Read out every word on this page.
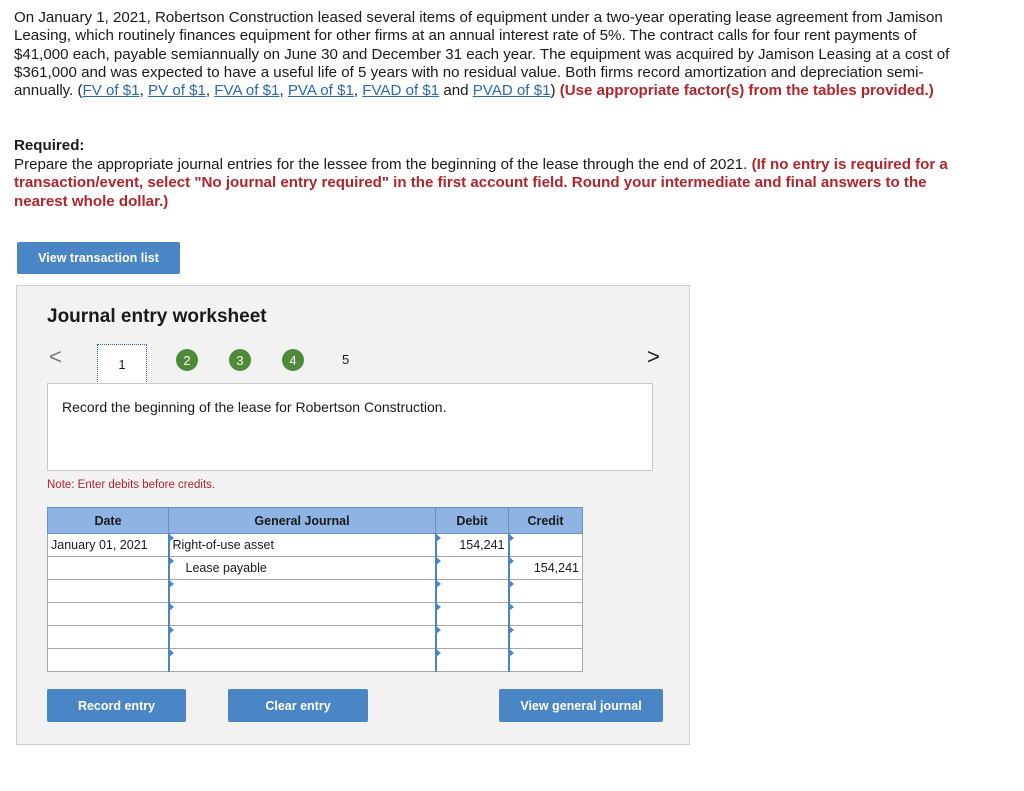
On January 1, 2021, Robertson Construction leased several items of equipment under a two-year operating lease agreement from Jamison Leasing, which routinely finances equipment for other firms at an annual interest rate of 5%. The contract calls for four rent payments of $41,000 each, payable semiannually on June 30 and December 31 each year. The equipment was acquired by Jamison Leasing at a cost of $361,000 and was expected to have a useful life of 5 years with no residual value. Both firms record amortization and depreciation semi-annually. (FV of $1, PV of $1, FVA of $1, PVA of $1, FVAD of $1 and PVAD of $1) (Use appropriate factor(s) from the tables provided.)
Required:
Prepare the appropriate journal entries for the lessee from the beginning of the lease through the end of 2021. (If no entry is required for a transaction/event, select "No journal entry required" in the first account field. Round your intermediate and final answers to the nearest whole dollar.)
View transaction list
Journal entry worksheet
<	1	2	3	4	5	>
Record the beginning of the lease for Robertson Construction.
Note: Enter debits before credits.
Date	General Journal	Debit	Credit
January 01, 2021	Right-of-use asset	154,241	
	Lease payable		154,241

Record entry	Clear entry	View general journal
